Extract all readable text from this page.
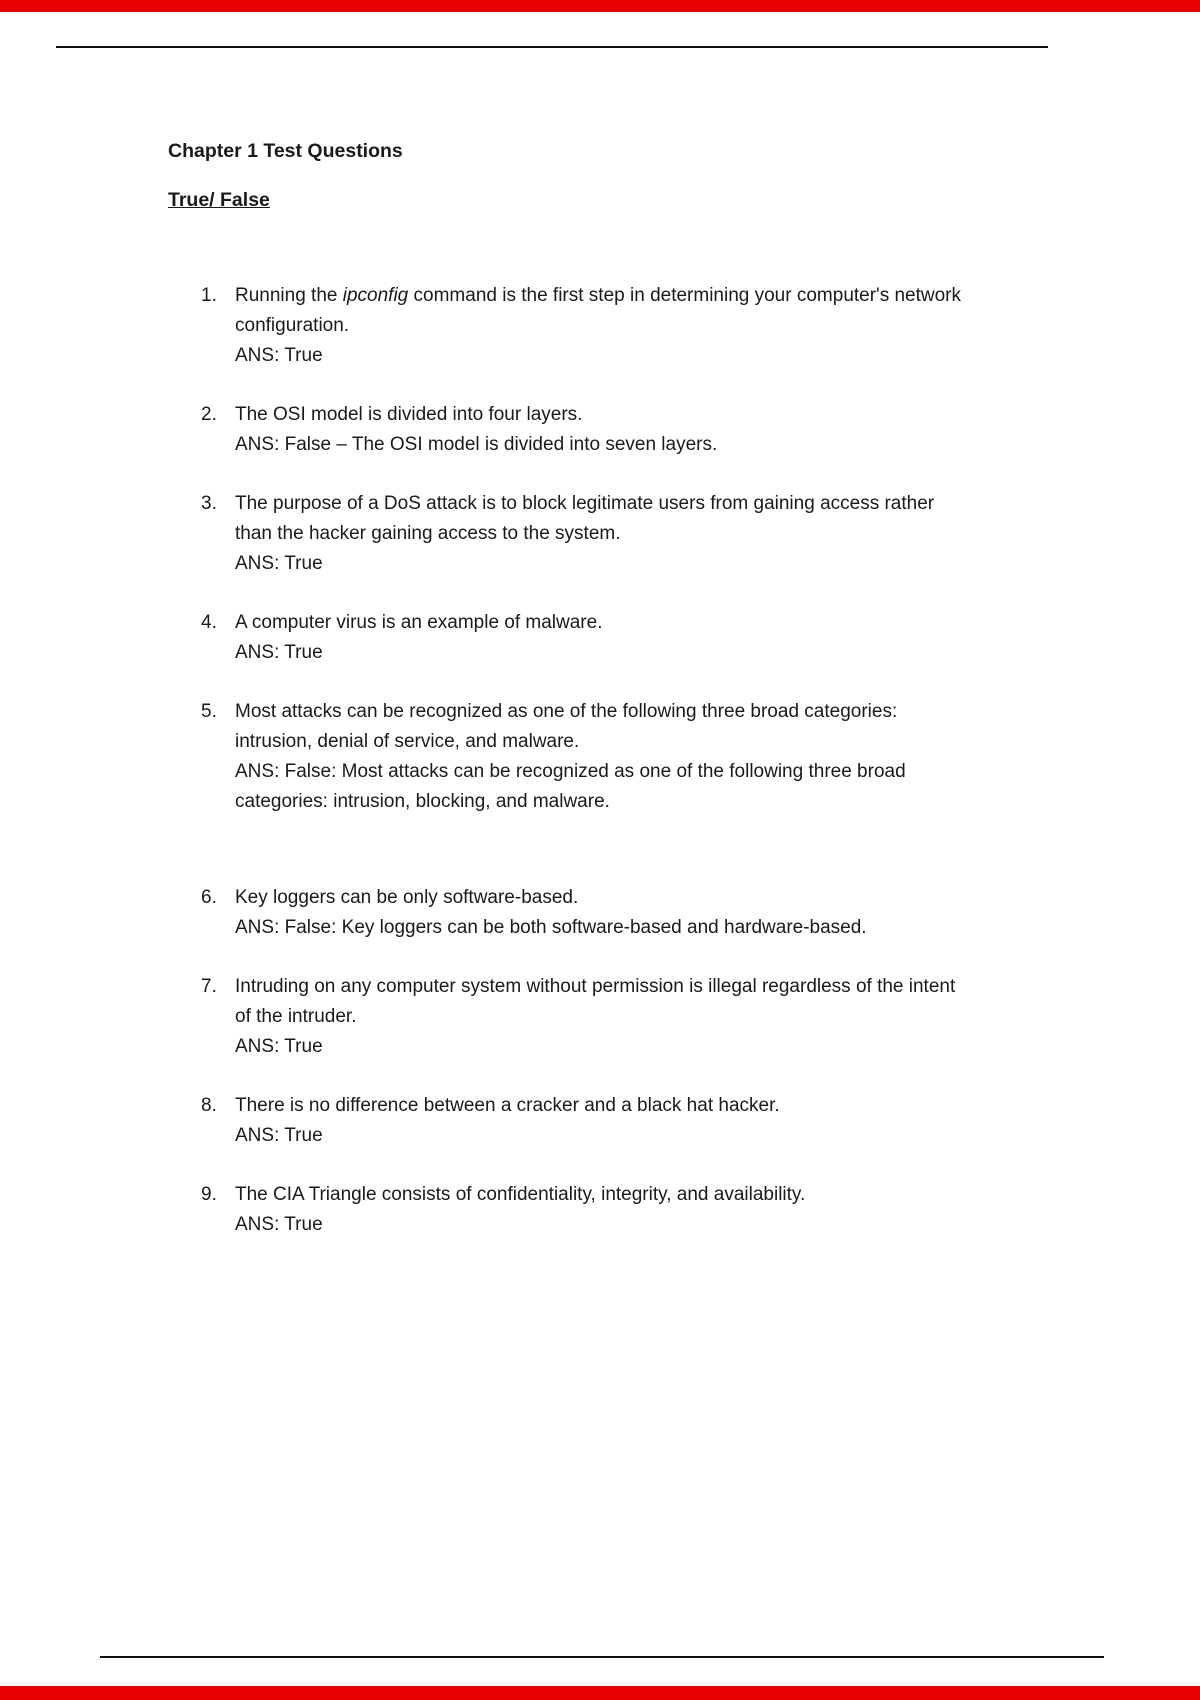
Chapter 1 Test Questions
True/ False
1. Running the ipconfig command is the first step in determining your computer's network configuration.
ANS: True
2. The OSI model is divided into four layers.
ANS: False – The OSI model is divided into seven layers.
3. The purpose of a DoS attack is to block legitimate users from gaining access rather than the hacker gaining access to the system.
ANS: True
4. A computer virus is an example of malware.
ANS: True
5. Most attacks can be recognized as one of the following three broad categories: intrusion, denial of service, and malware.
ANS: False: Most attacks can be recognized as one of the following three broad categories: intrusion, blocking, and malware.
6. Key loggers can be only software-based.
ANS: False: Key loggers can be both software-based and hardware-based.
7. Intruding on any computer system without permission is illegal regardless of the intent of the intruder.
ANS: True
8. There is no difference between a cracker and a black hat hacker.
ANS: True
9. The CIA Triangle consists of confidentiality, integrity, and availability.
ANS: True
